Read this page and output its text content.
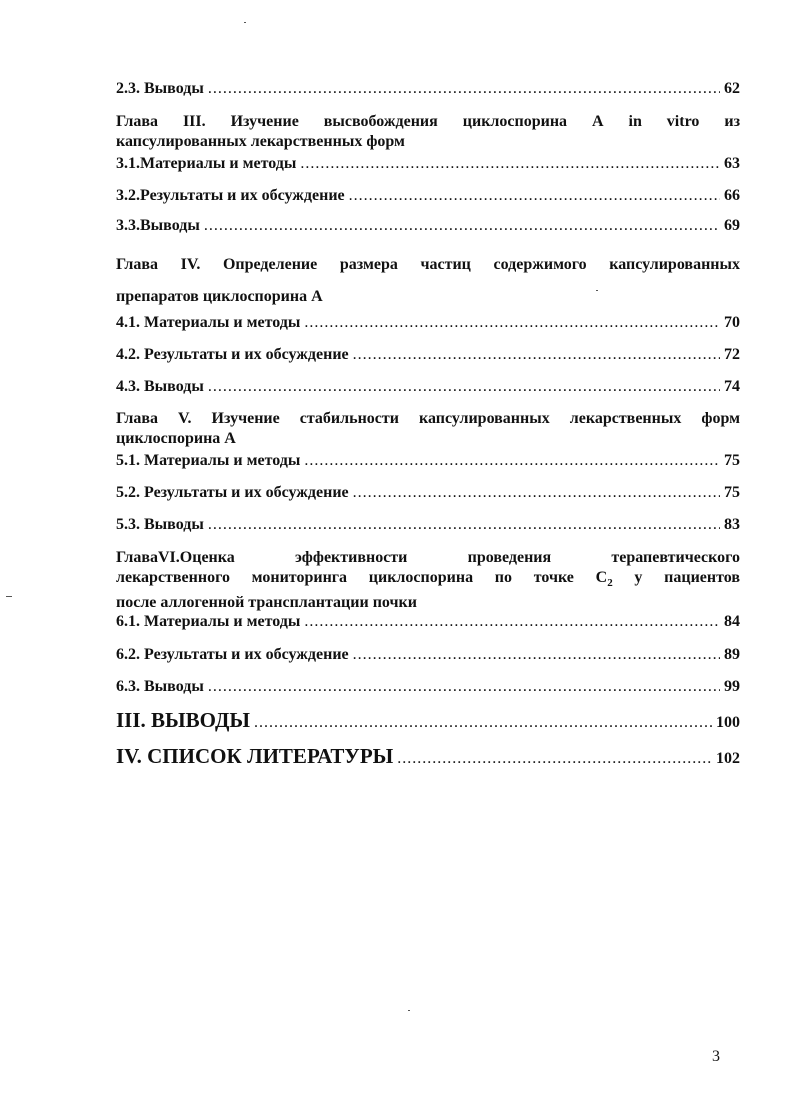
2.3. Выводы .....	62
Глава III. Изучение высвобождения циклоспорина А in vitro из
капсулированных лекарственных форм
3.1. Материалы и методы .....	63
3.2. Результаты и их обсуждение .....	66
3.3. Выводы .....	69
Глава IV. Определение размера частиц содержимого капсулированных
препаратов циклоспорина А
4.1. Материалы и методы .....	70
4.2. Результаты и их обсуждение .....	72
4.3. Выводы .....	74
Глава V. Изучение стабильности капсулированных лекарственных форм
циклоспорина А
5.1. Материалы и методы .....	75
5.2. Результаты и их обсуждение .....	75
5.3. Выводы .....	83
ГлаваVI.Оценка эффективности проведения терапевтического
лекарственного мониторинга циклоспорина по точке $С_2$ у пациентов
после аллогенной трансплантации почки
6.1. Материалы и методы .....	84
6.2. Результаты и их обсуждение .....	89
6.3. Выводы .....	99
III. ВЫВОДЫ .....	100
IV. СПИСОК ЛИТЕРАТУРЫ .....	102
3
